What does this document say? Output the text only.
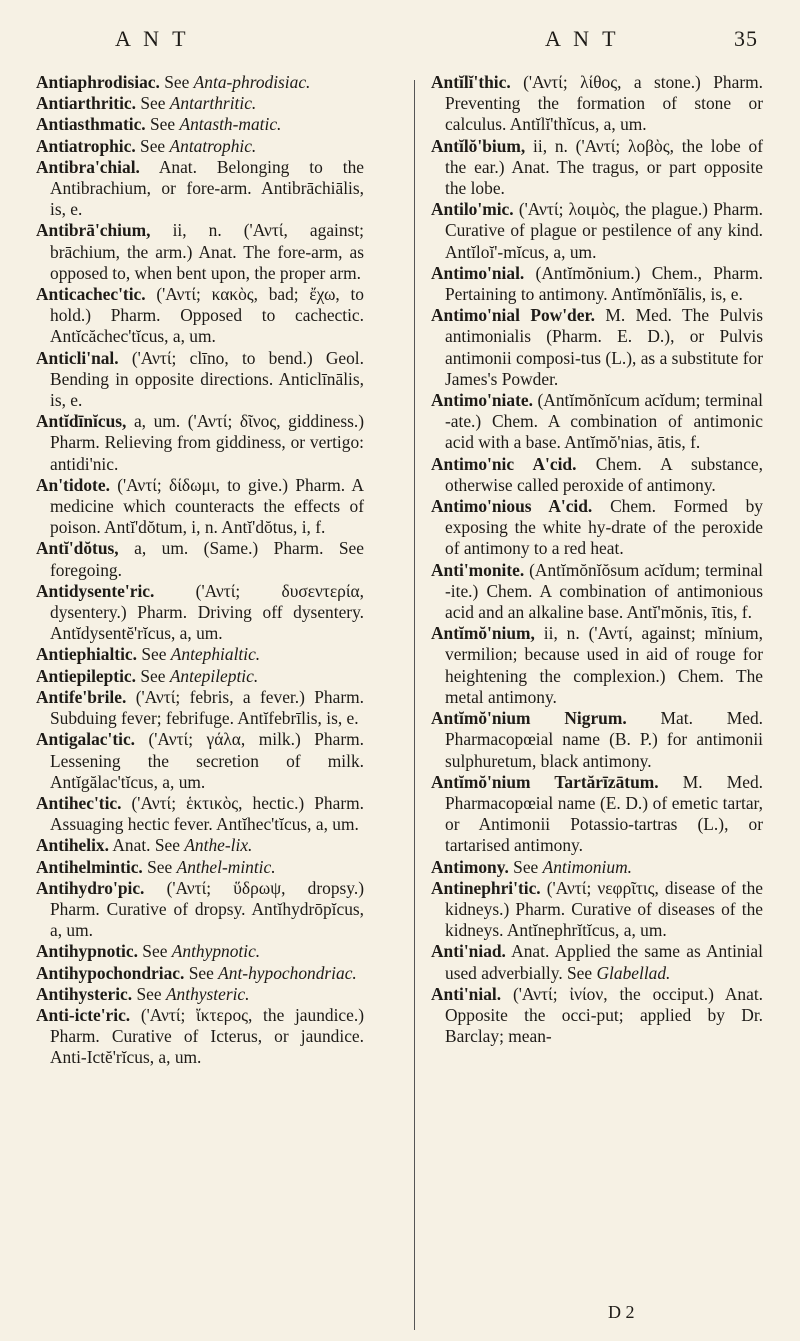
A N T	A N T	35

Antiaphrodisiac. See Anta-phrodisiac.

Antiarthritic. See Antarthritic.

Antiasthmatic. See Antasth-matic.

Antiatrophic. See Antatrophic.

Antibra'chial. Anat. Belonging to the Antibrachium, or fore-arm. Antibrāchiālis, is, e.

Antibrā'chium, ii, n. ('Αντί, against; brāchium, the arm.) Anat. The fore-arm, as opposed to, when bent upon, the proper arm.

Anticachec'tic. ('Αντί; κακὸς, bad; ἔχω, to hold.) Pharm. Opposed to cachectic. Antĭcăchec'tĭcus, a, um.

Anticli'nal. ('Αντί; clīno, to bend.) Geol. Bending in opposite directions. Anticlīnālis, is, e.

Antĭdīnĭcus, a, um. ('Αντί; δῖνος, giddiness.) Pharm. Relieving from giddiness, or vertigo: antidi'nic.

An'tidote. ('Αντί; δίδωμι, to give.) Pharm. A medicine which counteracts the effects of poison. Antĭ'dŏtum, i, n. Antĭ'dŏtus, i, f.

Antĭ'dŏtus, a, um. (Same.) Pharm. See foregoing.

Antidysente'ric. ('Αντί; δυσεντερία, dysentery.) Pharm. Driving off dysentery. Antĭdysentĕ'rĭcus, a, um.

Antiephialtic. See Antephialtic.

Antiepileptic. See Antepileptic.

Antife'brile. ('Αντί; febris, a fever.) Pharm. Subduing fever; febrifuge. Antĭfebrīlis, is, e.

Antigalac'tic. ('Αντί; γάλα, milk.) Pharm. Lessening the secretion of milk. Antĭgălac'tĭcus, a, um.

Antihec'tic. ('Αντί; ἑκτικὸς, hectic.) Pharm. Assuaging hectic fever. Antĭhec'tĭcus, a, um.

Antihelix. Anat. See Anthe-lix.

Antihelmintic. See Anthel-mintic.

Antihydro'pic. ('Αντί; ὕδρωψ, dropsy.) Pharm. Curative of dropsy. Antĭhydrōpĭcus, a, um.

Antihypnotic. See Anthypnotic.

Antihypochondriac. See Ant-hypochondriac.

Antihysteric. See Anthysteric.

Anti-icte'ric. ('Αντί; ἴκτερος, the jaundice.) Pharm. Curative of Icterus, or jaundice. Anti-Ictĕ'rĭcus, a, um.

Antĭlĭ'thic. ('Αντί; λίθος, a stone.) Pharm. Preventing the formation of stone or calculus. Antĭlĭ'thĭcus, a, um.

Antĭlŏ'bium, ii, n. ('Αντί; λοβὸς, the lobe of the ear.) Anat. The tragus, or part opposite the lobe.

Antilo'mic. ('Αντί; λοιμὸς, the plague.) Pharm. Curative of plague or pestilence of any kind. Antĭloĭ'-mĭcus, a, um.

Antimo'nial. (Antĭmŏnium.) Chem., Pharm. Pertaining to antimony. Antĭmŏnĭālis, is, e.

Antimo'nial Pow'der. M. Med. The Pulvis antimonialis (Pharm. E. D.), or Pulvis antimonii composi-tus (L.), as a substitute for James's Powder.

Antimo'niate. (Antĭmŏnĭcum acĭdum; terminal -ate.) Chem. A combination of antimonic acid with a base. Antĭmŏ'nias, ātis, f.

Antimo'nic A'cid. Chem. A substance, otherwise called peroxide of antimony.

Antimo'nious A'cid. Chem. Formed by exposing the white hy-drate of the peroxide of antimony to a red heat.

Anti'monite. (Antĭmŏnĭŏsum acĭdum; terminal -ite.) Chem. A combination of antimonious acid and an alkaline base. Antĭ'mŏnis, ītis, f.

Antĭmŏ'nium, ii, n. ('Αντί, against; mĭnium, vermilion; because used in aid of rouge for heightening the complexion.) Chem. The metal antimony.

Antĭmŏ'nium Nigrum. Mat. Med. Pharmacopœial name (B. P.) for antimonii sulphuretum, black antimony.

Antĭmŏ'nium Tartărīzātum. M. Med. Pharmacopœial name (E. D.) of emetic tartar, or Antimonii Potassio-tartras (L.), or tartarised antimony.

Antimony. See Antimonium.

Antinephri'tic. ('Αντί; νεφρῖτις, disease of the kidneys.) Pharm. Curative of diseases of the kidneys. Antĭnephrĭtĭcus, a, um.

Anti'niad. Anat. Applied the same as Antinial used adverbially. See Glabellad.

Anti'nial. ('Αντί; ἰνίον, the occiput.) Anat. Opposite the occi-put; applied by Dr. Barclay; mean-

D 2
